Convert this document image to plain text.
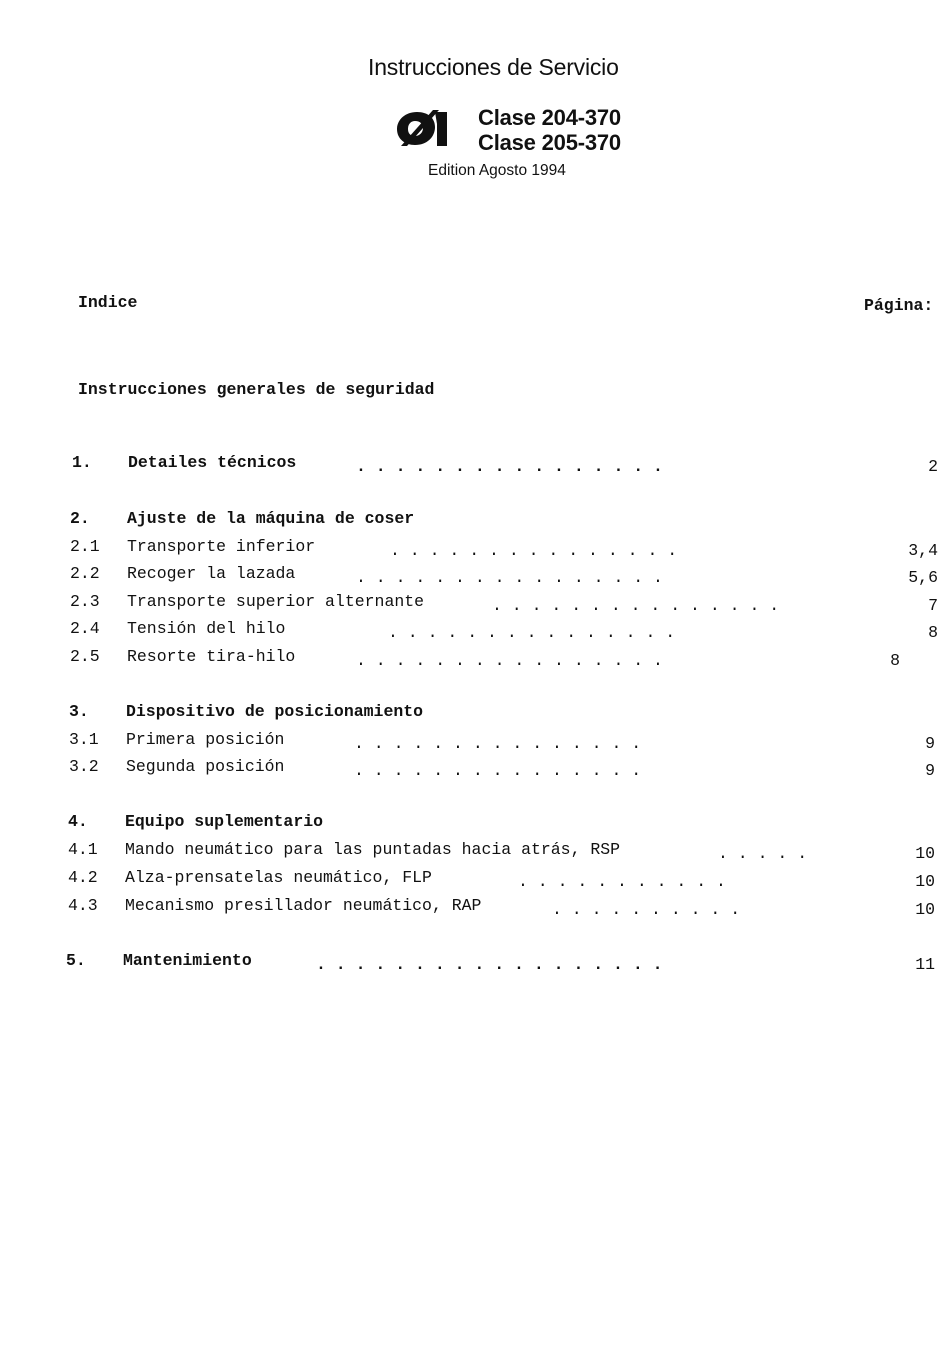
Instrucciones de Servicio
Clase 204-370
Clase 205-370
Edition Agosto 1994
Indice	Página:
Instrucciones generales de seguridad
1. Detailes técnicos	. . . . . . . . . . . . . . . .	2
2. Ajuste de la máquina de coser
2.1 Transporte inferior	. . . . . . . . . . . . . . .	3,4
2.2 Recoger la lazada	. . . . . . . . . . . . . . . .	5,6
2.3 Transporte superior alternante	. . . . . . . . . . . . . . .	7
2.4 Tensión del hilo	. . . . . . . . . . . . . . .	8
2.5 Resorte tira-hilo	. . . . . . . . . . . . . . . .	8
3. Dispositivo de posicionamiento
3.1 Primera posición	. . . . . . . . . . . . . . .	9
3.2 Segunda posición	. . . . . . . . . . . . . . .	9
4. Equipo suplementario
4.1 Mando neumático para las puntadas hacia atrás, RSP	. . . . .	10
4.2 Alza-prensatelas neumático, FLP	. . . . . . . . . . .	10
4.3 Mecanismo presillador neumático, RAP	. . . . . . . . . .	10
5. Mantenimiento	. . . . . . . . . . . . . . . . . .	11
